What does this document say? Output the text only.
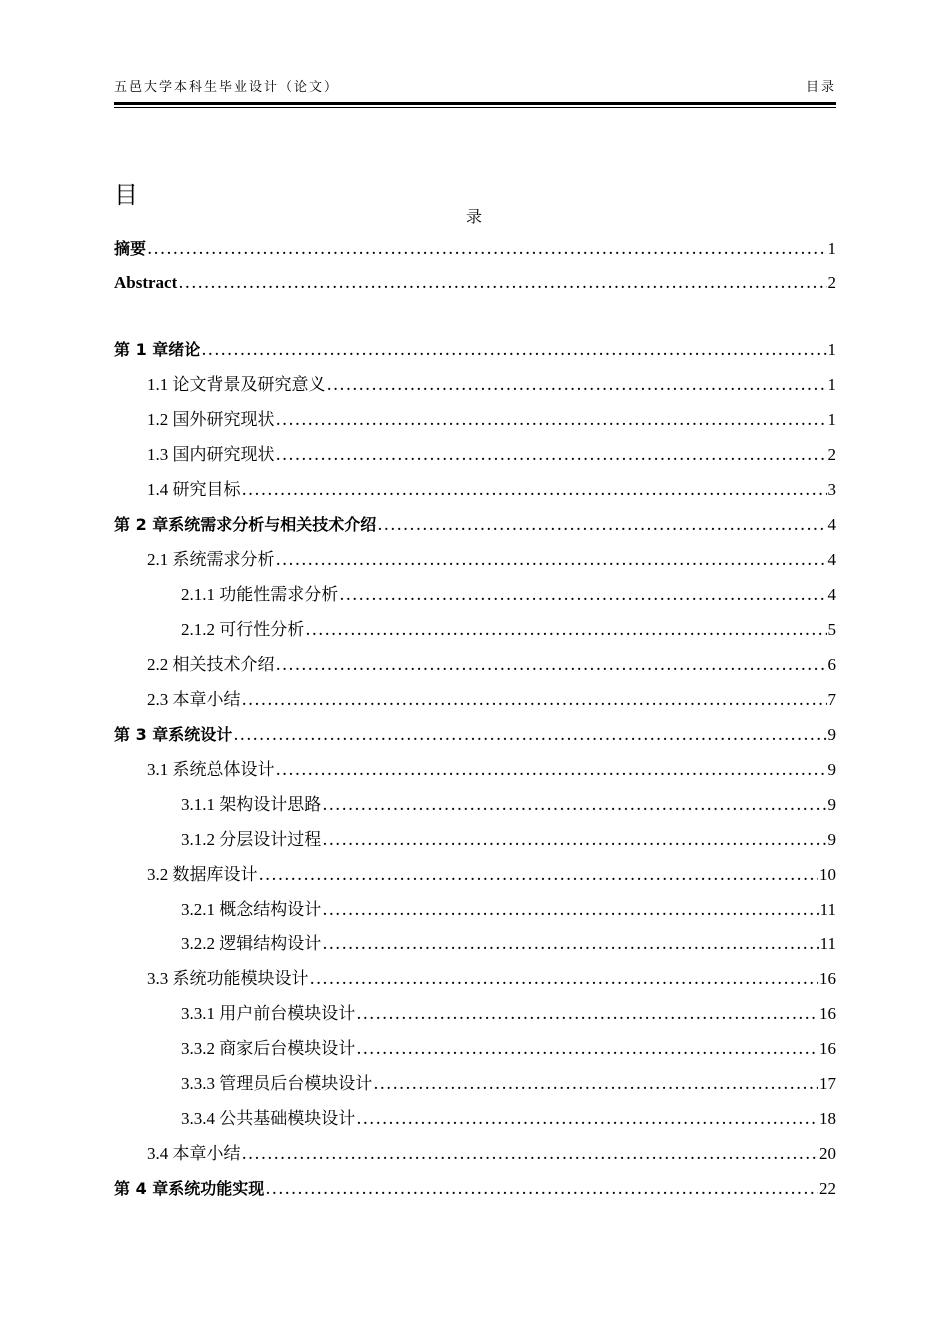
五邑大学本科生毕业设计（论文）	目录
目
录
摘要 .....	1
Abstract .....	2
第 1 章绪论 .....	1
1.1 论文背景及研究意义 .....	1
1.2 国外研究现状 .....	1
1.3 国内研究现状 .....	2
1.4 研究目标 .....	3
第 2 章系统需求分析与相关技术介绍 .....	4
2.1 系统需求分析 .....	4
2.1.1 功能性需求分析 .....	4
2.1.2 可行性分析 .....	5
2.2 相关技术介绍 .....	6
2.3 本章小结 .....	7
第 3 章系统设计 .....	9
3.1 系统总体设计 .....	9
3.1.1 架构设计思路 .....	9
3.1.2 分层设计过程 .....	9
3.2 数据库设计 .....	10
3.2.1 概念结构设计 .....	11
3.2.2 逻辑结构设计 .....	11
3.3 系统功能模块设计 .....	16
3.3.1 用户前台模块设计 .....	16
3.3.2 商家后台模块设计 .....	16
3.3.3 管理员后台模块设计 .....	17
3.3.4 公共基础模块设计 .....	18
3.4 本章小结 .....	20
第 4 章系统功能实现 .....	22
